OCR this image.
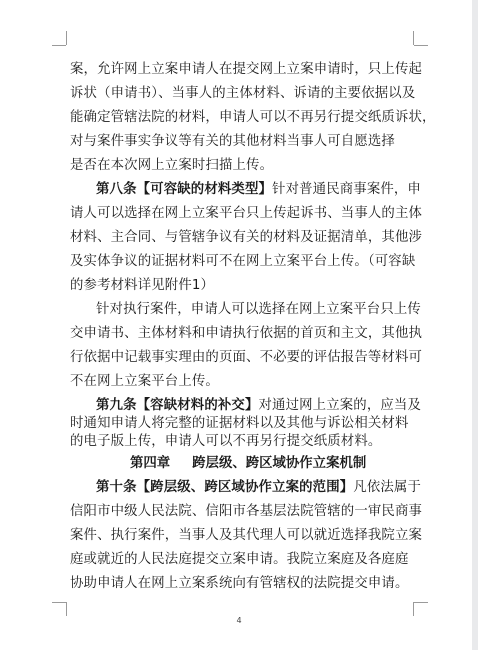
案，允许网上立案申请人在提交网上立案申请时，只上传起
诉状（申请书）、当事人的主体材料、诉请的主要依据以及
能确定管辖法院的材料，申请人可以不再另行提交纸质诉状，
对与案件事实争议等有关的其他材料当事人可自愿选择
是否在本次网上立案时扫描上传。
第八条【可容缺的材料类型】针对普通民商事案件，申
请人可以选择在网上立案平台只上传起诉书、当事人的主体
材料、主合同、与管辖争议有关的材料及证据清单，其他涉
及实体争议的证据材料可不在网上立案平台上传。（可容缺
的参考材料详见附件1）
针对执行案件，申请人可以选择在网上立案平台只上传
交申请书、主体材料和申请执行依据的首页和主文，其他执
行依据中记载事实理由的页面、不必要的评估报告等材料可
不在网上立案平台上传。
第九条【容缺材料的补交】对通过网上立案的，应当及
时通知申请人将完整的证据材料以及其他与诉讼相关材料
第四章 跨层级、跨区域协作立案机制
第十条【跨层级、跨区域协作立案的范围】凡依法属于
信阳市中级人民法院、信阳市各基层法院管辖的一审民商事
案件、执行案件，当事人及其代理人可以就近选择我院立案
庭或就近的人民法庭提交立案申请。我院立案庭及各庭庭
协助申请人在网上立案系统向有管辖权的法院提交申请。
4
的电子版上传，申请人可以不再另行提交纸质材料。
